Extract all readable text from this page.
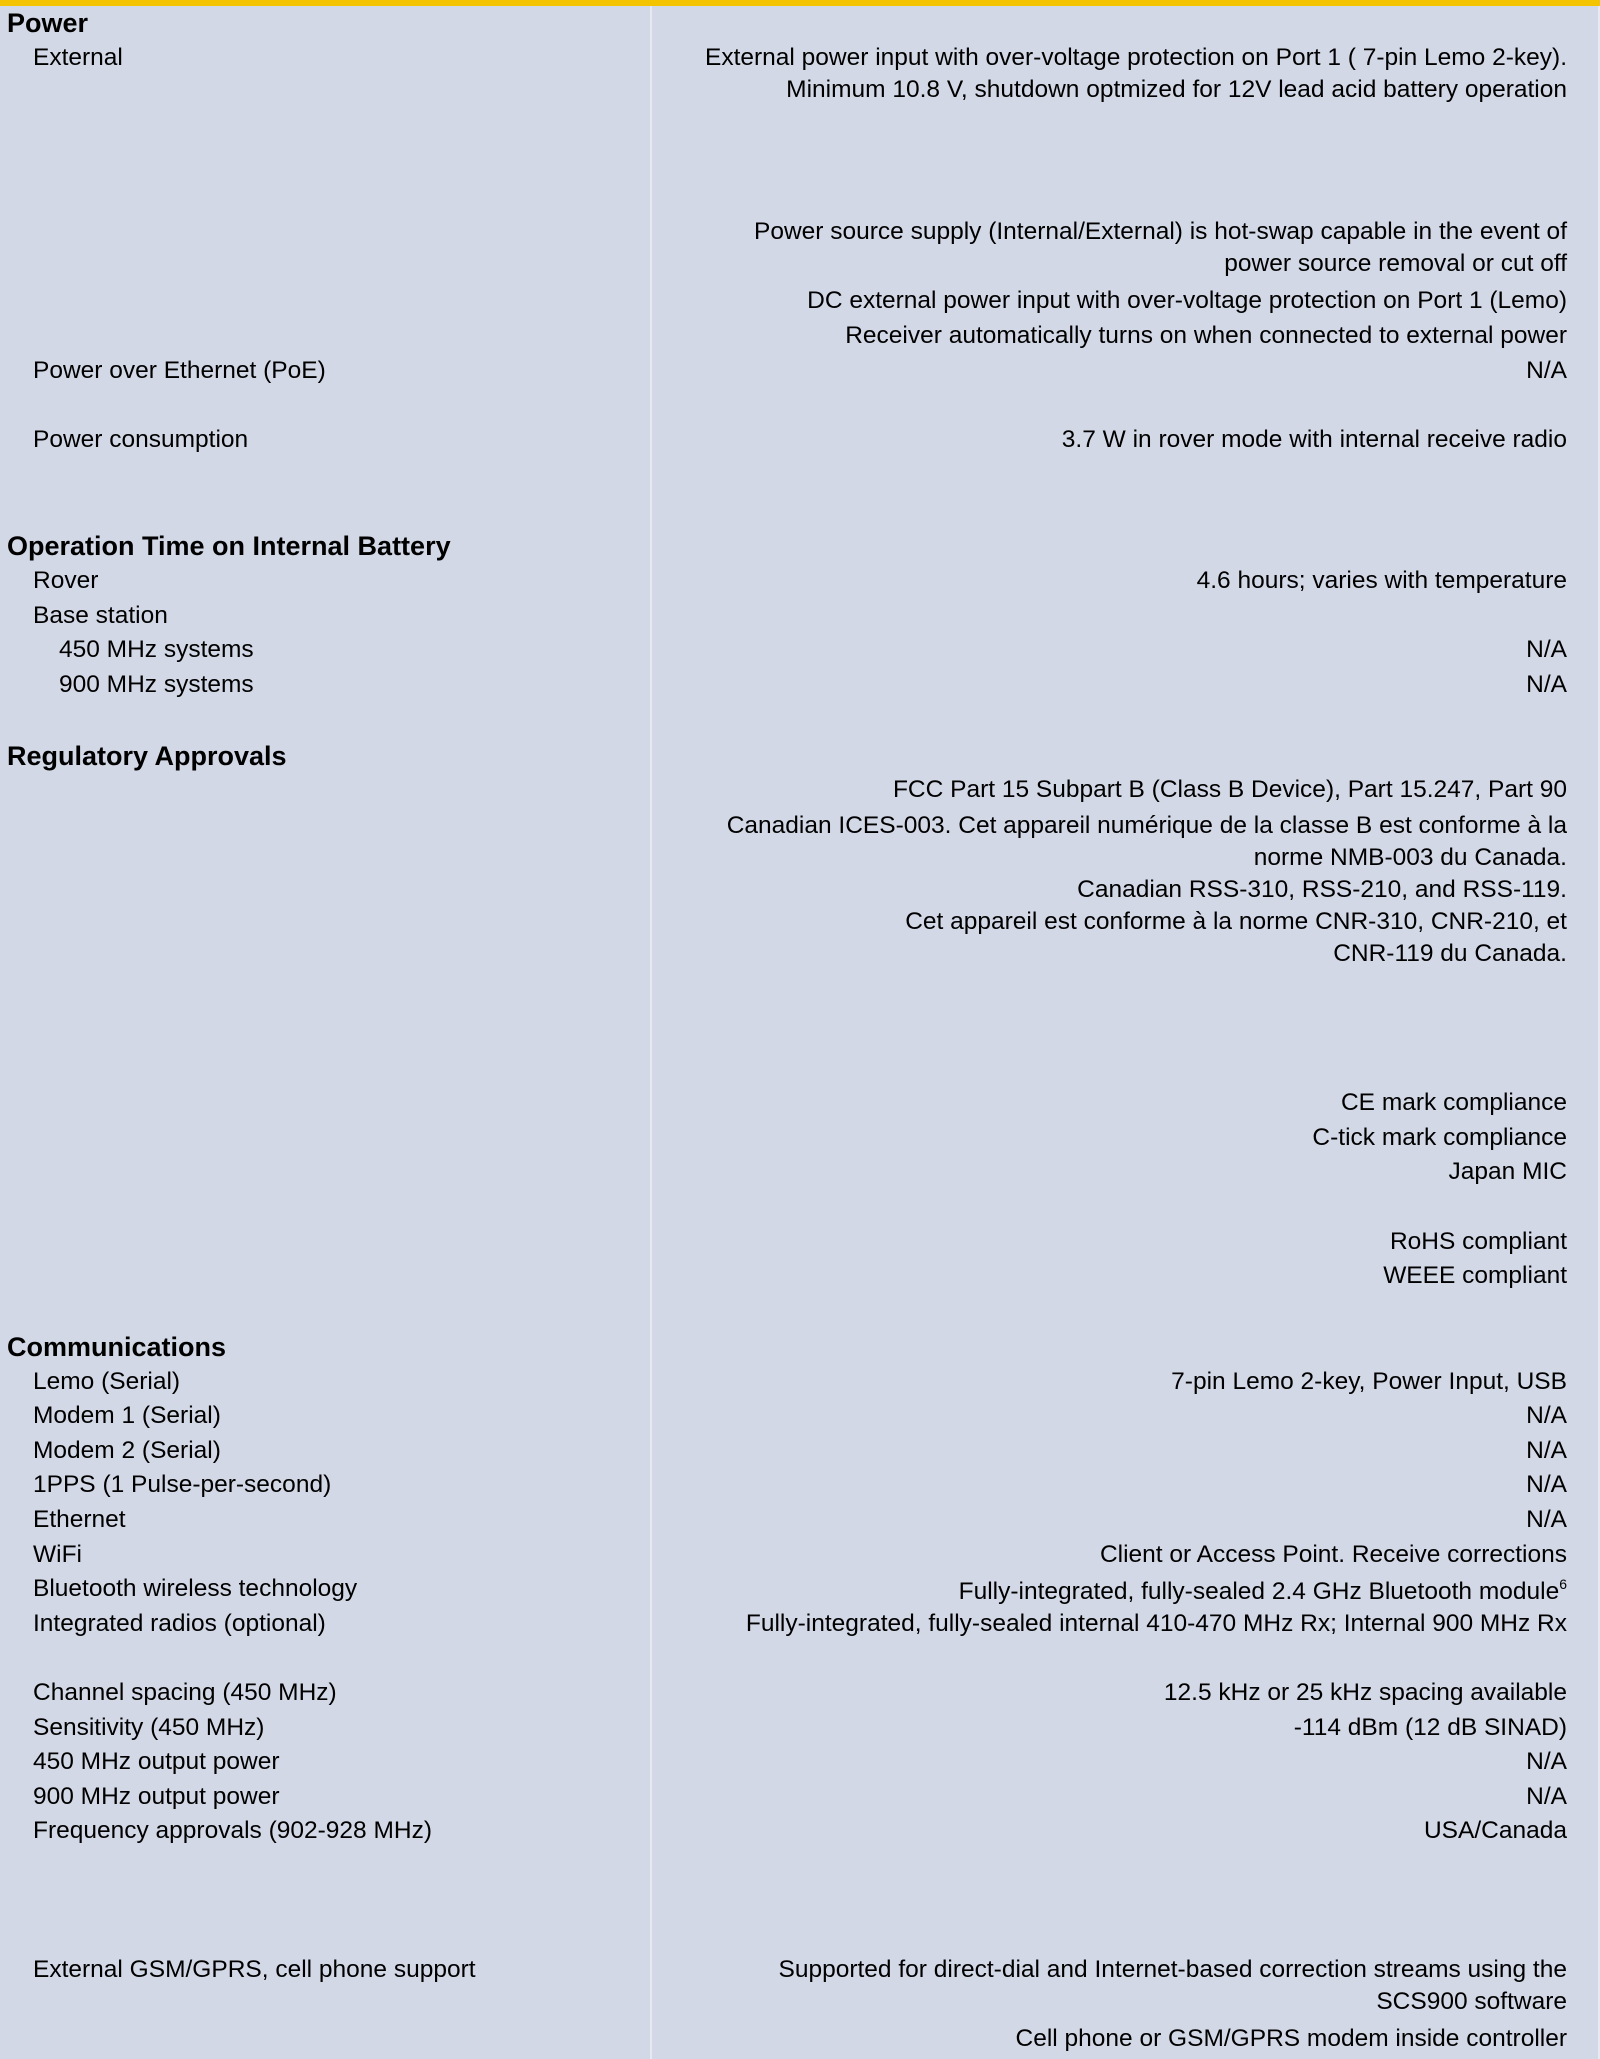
Power
External	External power input with over-voltage protection on Port 1 ( 7-pin Lemo 2-key).
Minimum 10.8 V, shutdown optmized for 12V lead acid battery operation
Power source supply (Internal/External) is hot-swap capable in the event of
power source removal or cut off
DC external power input with over-voltage protection on Port 1 (Lemo)
Receiver automatically turns on when connected to external power
Power over Ethernet (PoE)	N/A
Power consumption	3.7 W in rover mode with internal receive radio
Operation Time on Internal Battery
Rover	4.6 hours; varies with temperature
Base station
450 MHz systems	N/A
900 MHz systems	N/A
Regulatory Approvals
FCC Part 15 Subpart B (Class B Device), Part 15.247, Part 90
Canadian ICES-003. Cet appareil numérique de la classe B est conforme à la
norme NMB-003 du Canada.
Canadian RSS-310, RSS-210, and RSS-119.
Cet appareil est conforme à la norme CNR-310, CNR-210, et
CNR-119 du Canada.
CE mark compliance
C-tick mark compliance
Japan MIC
RoHS compliant
WEEE compliant
Communications
Lemo (Serial)	7-pin Lemo 2-key, Power Input, USB
Modem 1 (Serial)	N/A
Modem 2 (Serial)	N/A
1PPS (1 Pulse-per-second)	N/A
Ethernet	N/A
WiFi	Client or Access Point. Receive corrections
Bluetooth wireless technology	Fully-integrated, fully-sealed 2.4 GHz Bluetooth module$^6$
Integrated radios (optional)	Fully-integrated, fully-sealed internal 410-470 MHz Rx; Internal 900 MHz Rx
Channel spacing (450 MHz)	12.5 kHz or 25 kHz spacing available
Sensitivity (450 MHz)	-114 dBm (12 dB SINAD)
450 MHz output power	N/A
900 MHz output power	N/A
Frequency approvals (902-928 MHz)	USA/Canada
External GSM/GPRS, cell phone support	Supported for direct-dial and Internet-based correction streams using the
SCS900 software
Cell phone or GSM/GPRS modem inside controller
